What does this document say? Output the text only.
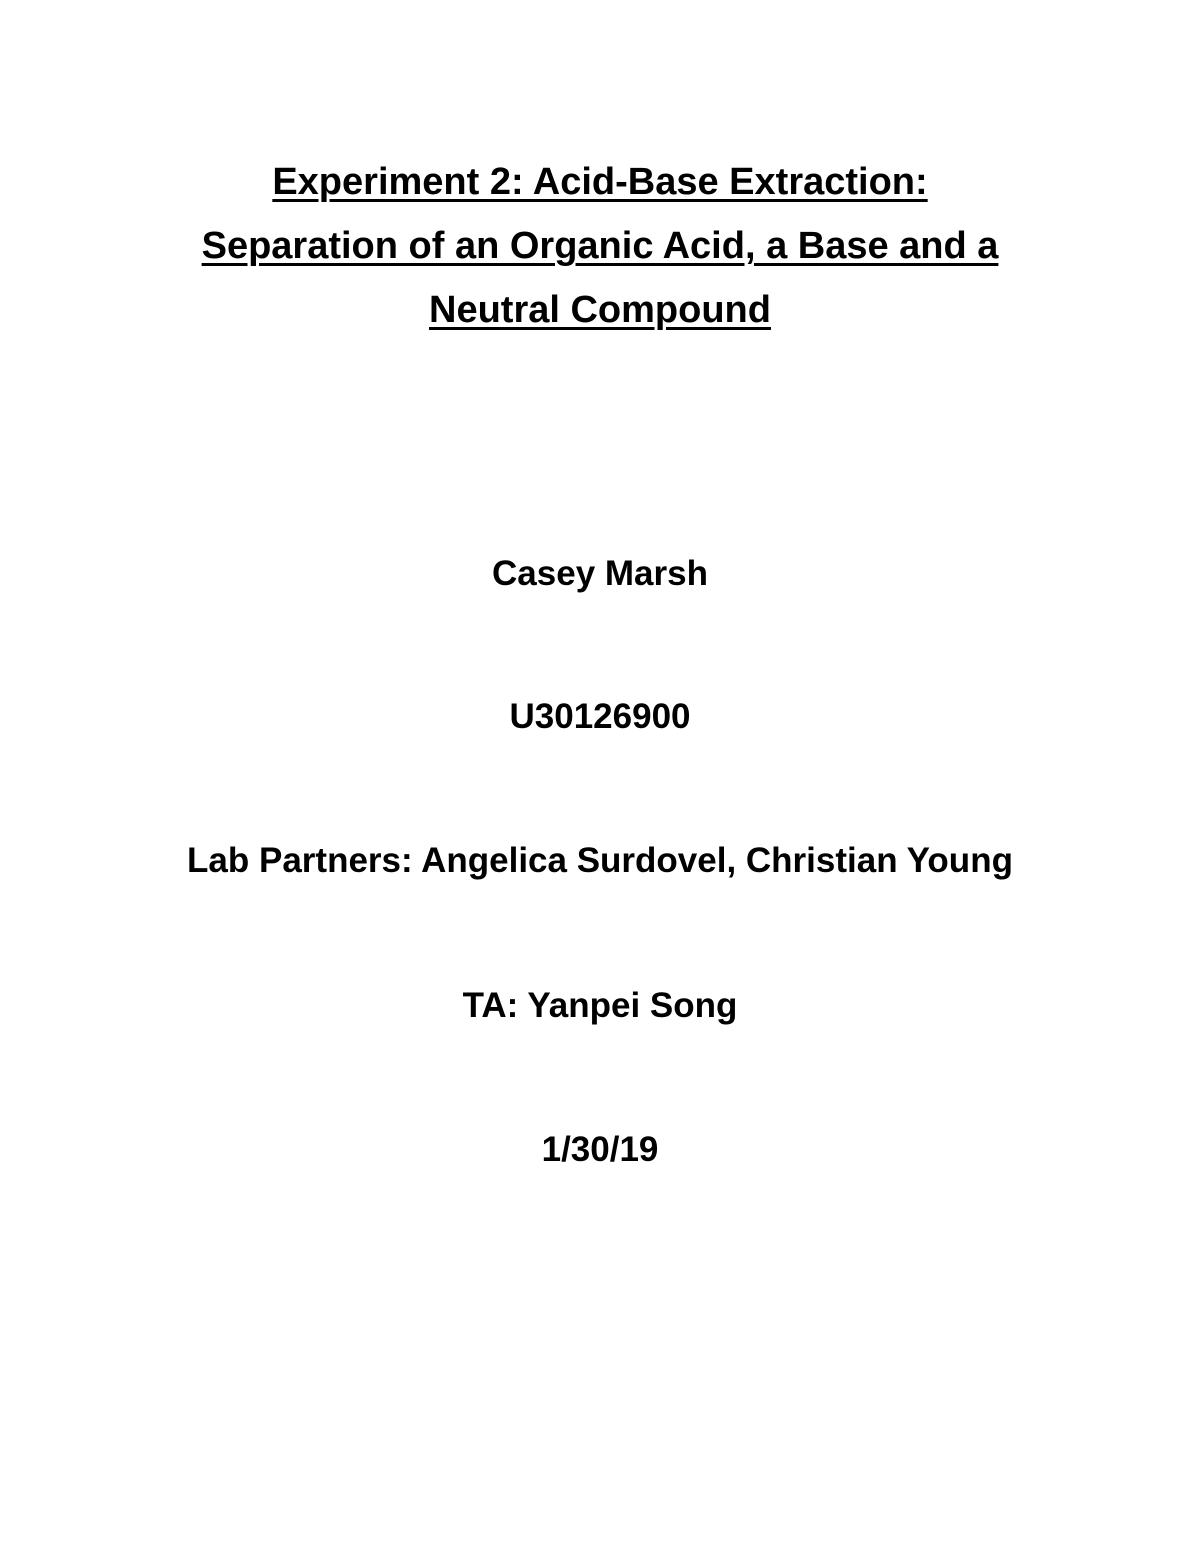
Experiment 2: Acid-Base Extraction:
Separation of an Organic Acid, a Base and a
Neutral Compound
Casey Marsh
U30126900
Lab Partners: Angelica Surdovel, Christian Young
TA: Yanpei Song
1/30/19
